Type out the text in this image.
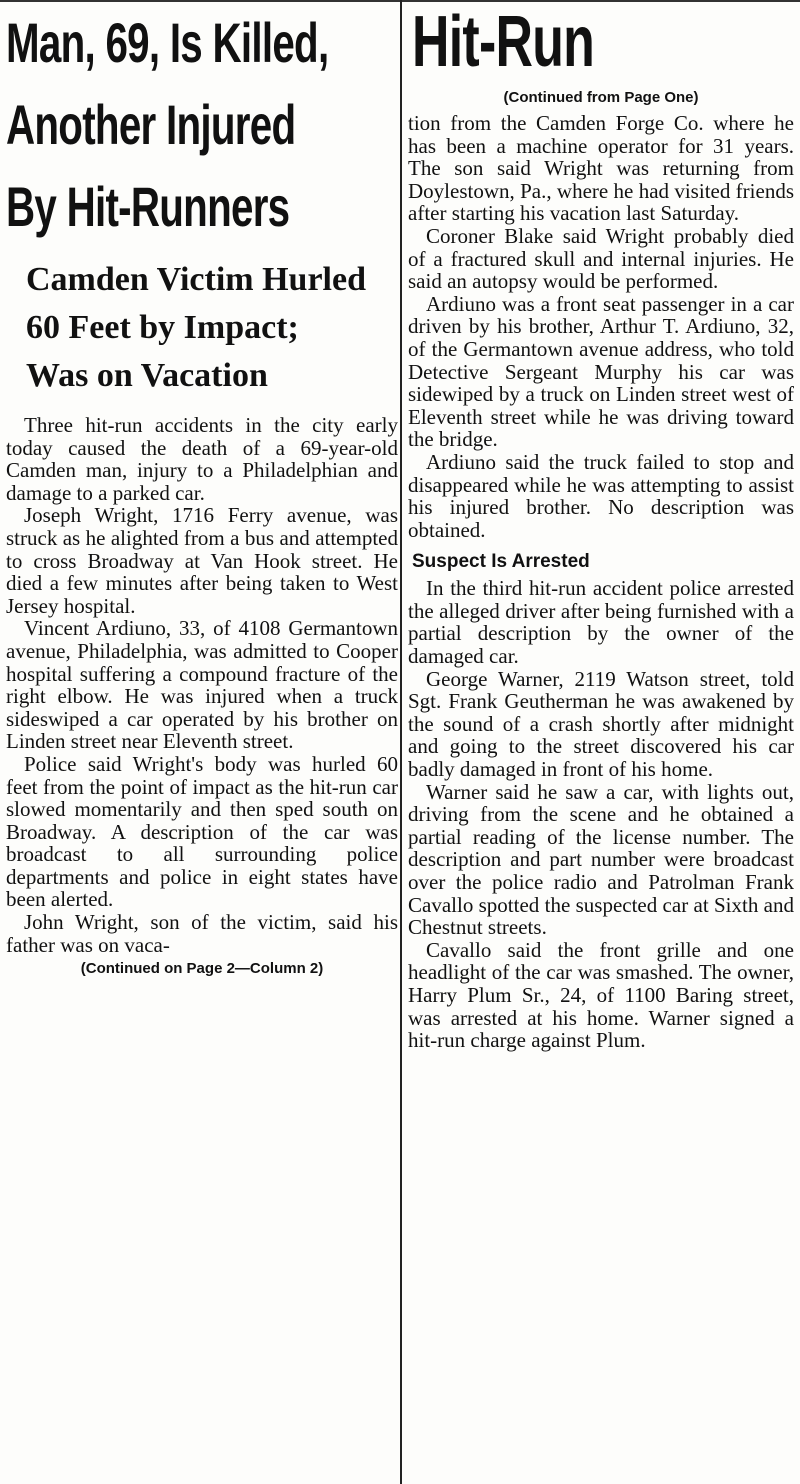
Man, 69, Is Killed,
Another Injured
By Hit-Runners
Camden Victim Hurled
60 Feet by Impact;
Was on Vacation

Three hit-run accidents in the city early today caused the death of a 69-year-old Camden man, injury to a Philadelphian and damage to a parked car.

Joseph Wright, 1716 Ferry avenue, was struck as he alighted from a bus and attempted to cross Broadway at Van Hook street. He died a few minutes after being taken to West Jersey hospital.

Vincent Ardiuno, 33, of 4108 Germantown avenue, Philadelphia, was admitted to Cooper hospital suffering a compound fracture of the right elbow. He was injured when a truck sideswiped a car operated by his brother on Linden street near Eleventh street.

Police said Wright's body was hurled 60 feet from the point of impact as the hit-run car slowed momentarily and then sped south on Broadway. A description of the car was broadcast to all surrounding police departments and police in eight states have been alerted.

John Wright, son of the victim, said his father was on vaca-

(Continued on Page 2—Column 2)
Hit-Run
(Continued from Page One)

tion from the Camden Forge Co. where he has been a machine operator for 31 years. The son said Wright was returning from Doylestown, Pa., where he had visited friends after starting his vacation last Saturday.

Coroner Blake said Wright probably died of a fractured skull and internal injuries. He said an autopsy would be performed.

Ardiuno was a front seat passenger in a car driven by his brother, Arthur T. Ardiuno, 32, of the Germantown avenue address, who told Detective Sergeant Murphy his car was sidewiped by a truck on Linden street west of Eleventh street while he was driving toward the bridge.

Ardiuno said the truck failed to stop and disappeared while he was attempting to assist his injured brother. No description was obtained.

Suspect Is Arrested

In the third hit-run accident police arrested the alleged driver after being furnished with a partial description by the owner of the damaged car.

George Warner, 2119 Watson street, told Sgt. Frank Geutherman he was awakened by the sound of a crash shortly after midnight and going to the street discovered his car badly damaged in front of his home.

Warner said he saw a car, with lights out, driving from the scene and he obtained a partial reading of the license number. The description and part number were broadcast over the police radio and Patrolman Frank Cavallo spotted the suspected car at Sixth and Chestnut streets.

Cavallo said the front grille and one headlight of the car was smashed. The owner, Harry Plum Sr., 24, of 1100 Baring street, was arrested at his home. Warner signed a hit-run charge against Plum.
